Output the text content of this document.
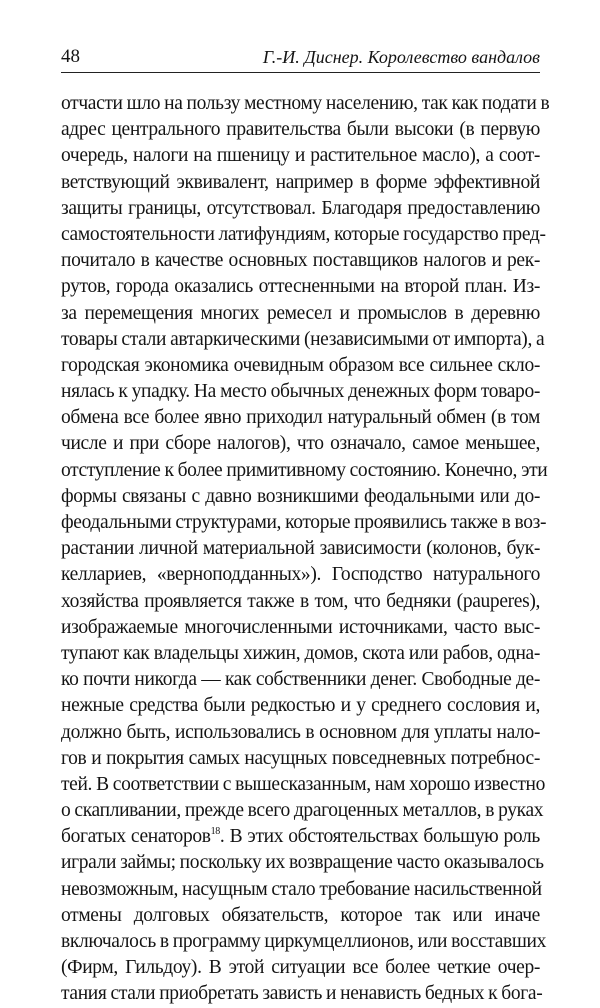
48	Г.-И. Диснер. Королевство вандалов
отчасти шло на пользу местному населению, так как подати в
адрес центрального правительства были высоки (в первую
очередь, налоги на пшеницу и растительное масло), а соот-
ветствующий эквивалент, например в форме эффективной
защиты границы, отсутствовал. Благодаря предоставлению
самостоятельности латифундиям, которые государство пред-
почитало в качестве основных поставщиков налогов и рек-
рутов, города оказались оттесненными на второй план. Из-
за перемещения многих ремесел и промыслов в деревню
товары стали автаркическими (независимыми от импорта), а
городская экономика очевидным образом все сильнее скло-
нялась к упадку. На место обычных денежных форм товаро-
обмена все более явно приходил натуральный обмен (в том
числе и при сборе налогов), что означало, самое меньшее,
отступление к более примитивному состоянию. Конечно, эти
формы связаны с давно возникшими феодальными или до-
феодальными структурами, которые проявились также в воз-
растании личной материальной зависимости (колонов, бук-
келлариев, «верноподданных»). Господство натурального
хозяйства проявляется также в том, что бедняки (pauperes),
изображаемые многочисленными источниками, часто выс-
тупают как владельцы хижин, домов, скота или рабов, одна-
ко почти никогда — как собственники денег. Свободные де-
нежные средства были редкостью и у среднего сословия и,
должно быть, использовались в основном для уплаты нало-
гов и покрытия самых насущных повседневных потребнос-
тей. В соответствии с вышесказанным, нам хорошо известно
о скапливании, прежде всего драгоценных металлов, в руках
богатых сенаторов$^{18}$. В этих обстоятельствах большую роль
играли займы; поскольку их возвращение часто оказывалось
невозможным, насущным стало требование насильственной
отмены долговых обязательств, которое так или иначе
включалось в программу циркумцеллионов, или восставших
(Фирм, Гильдоу). В этой ситуации все более четкие очер-
тания стали приобретать зависть и ненависть бедных к бога-
